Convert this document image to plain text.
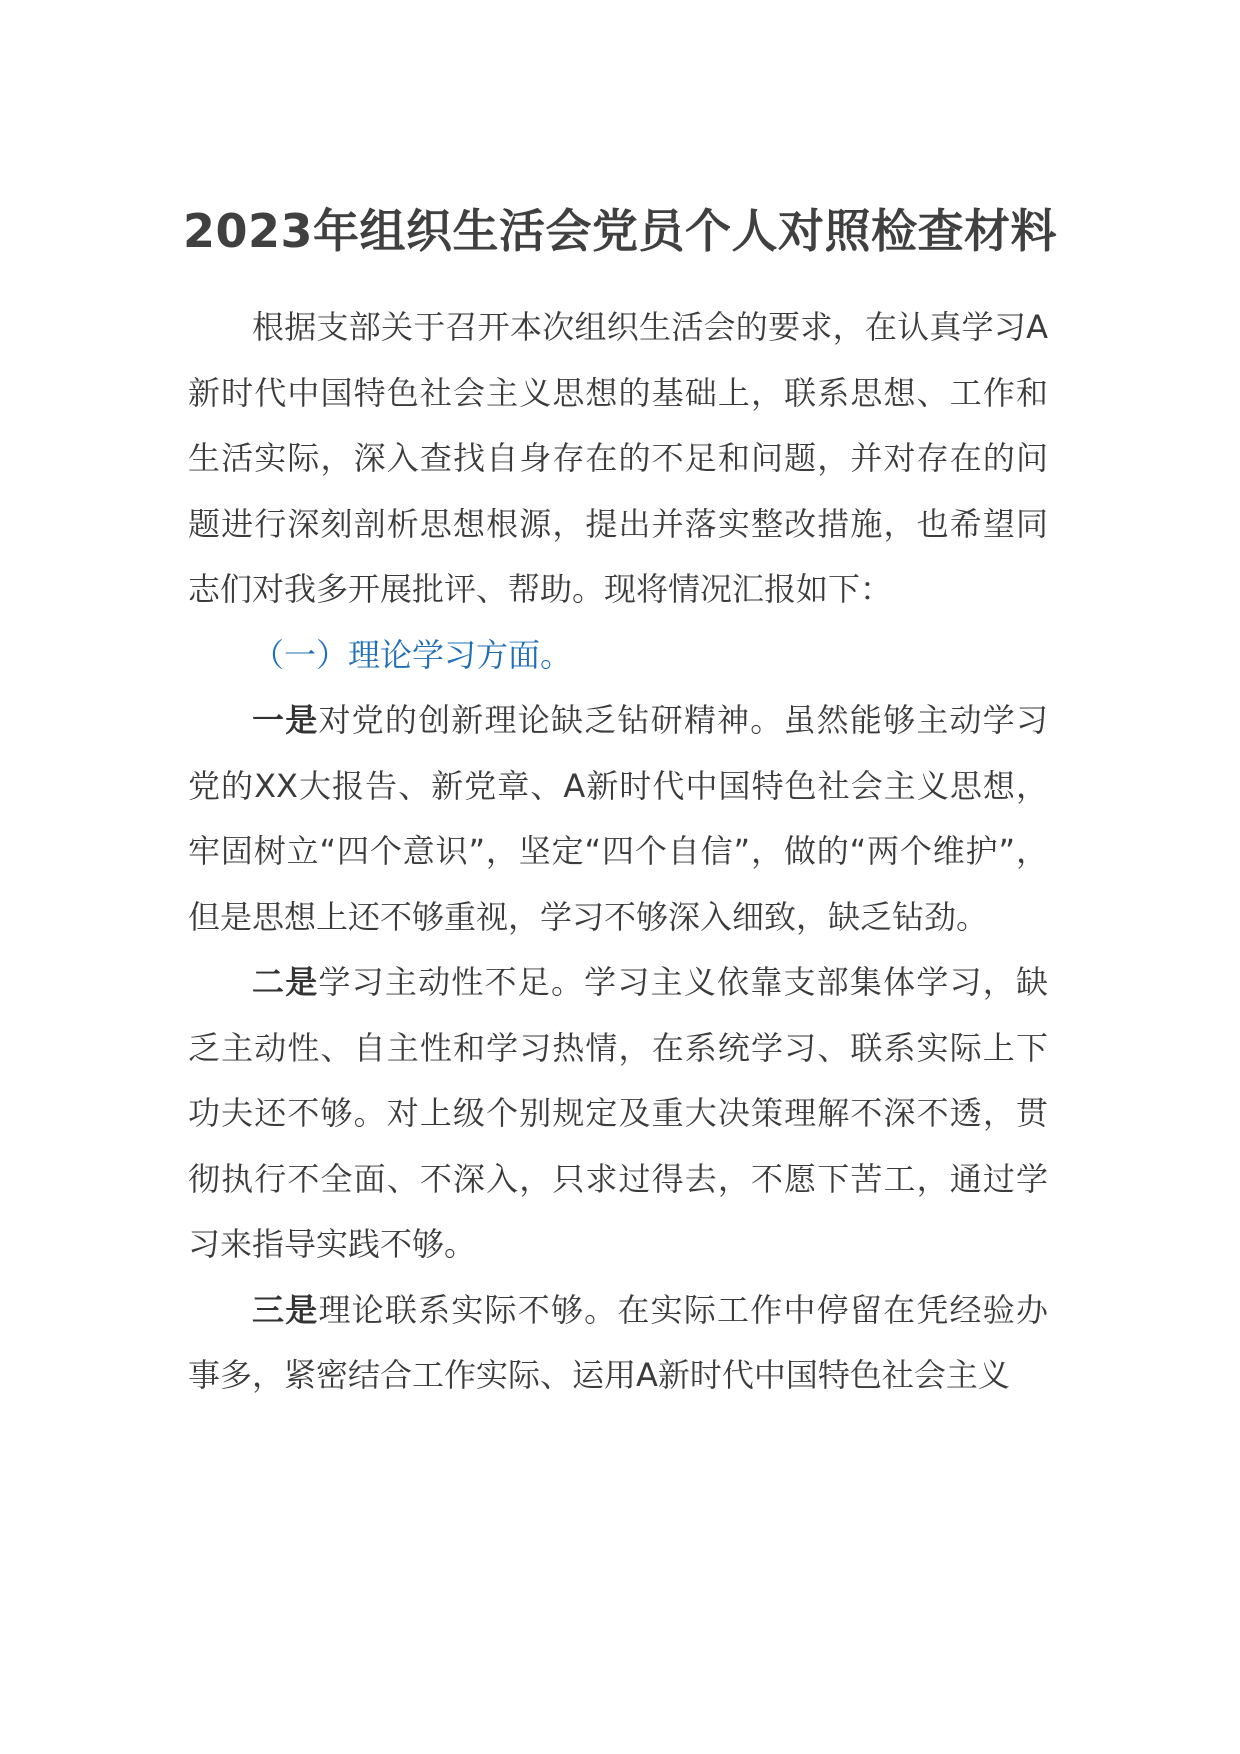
2023年组织生活会党员个人对照检查材料

根据支部关于召开本次组织生活会的要求，在认真学习A新时代中国特色社会主义思想的基础上，联系思想、工作和生活实际，深入查找自身存在的不足和问题，并对存在的问题进行深刻剖析思想根源，提出并落实整改措施，也希望同志们对我多开展批评、帮助。现将情况汇报如下：

（一）理论学习方面。

一是对党的创新理论缺乏钻研精神。虽然能够主动学习党的XX大报告、新党章、A新时代中国特色社会主义思想，牢固树立“四个意识”，坚定“四个自信”，做的“两个维护”，但是思想上还不够重视，学习不够深入细致，缺乏钻劲。

二是学习主动性不足。学习主义依靠支部集体学习，缺乏主动性、自主性和学习热情，在系统学习、联系实际上下功夫还不够。对上级个别规定及重大决策理解不深不透，贯彻执行不全面、不深入，只求过得去，不愿下苦工，通过学习来指导实践不够。

三是理论联系实际不够。在实际工作中停留在凭经验办事多，紧密结合工作实际、运用A新时代中国特色社会主义
